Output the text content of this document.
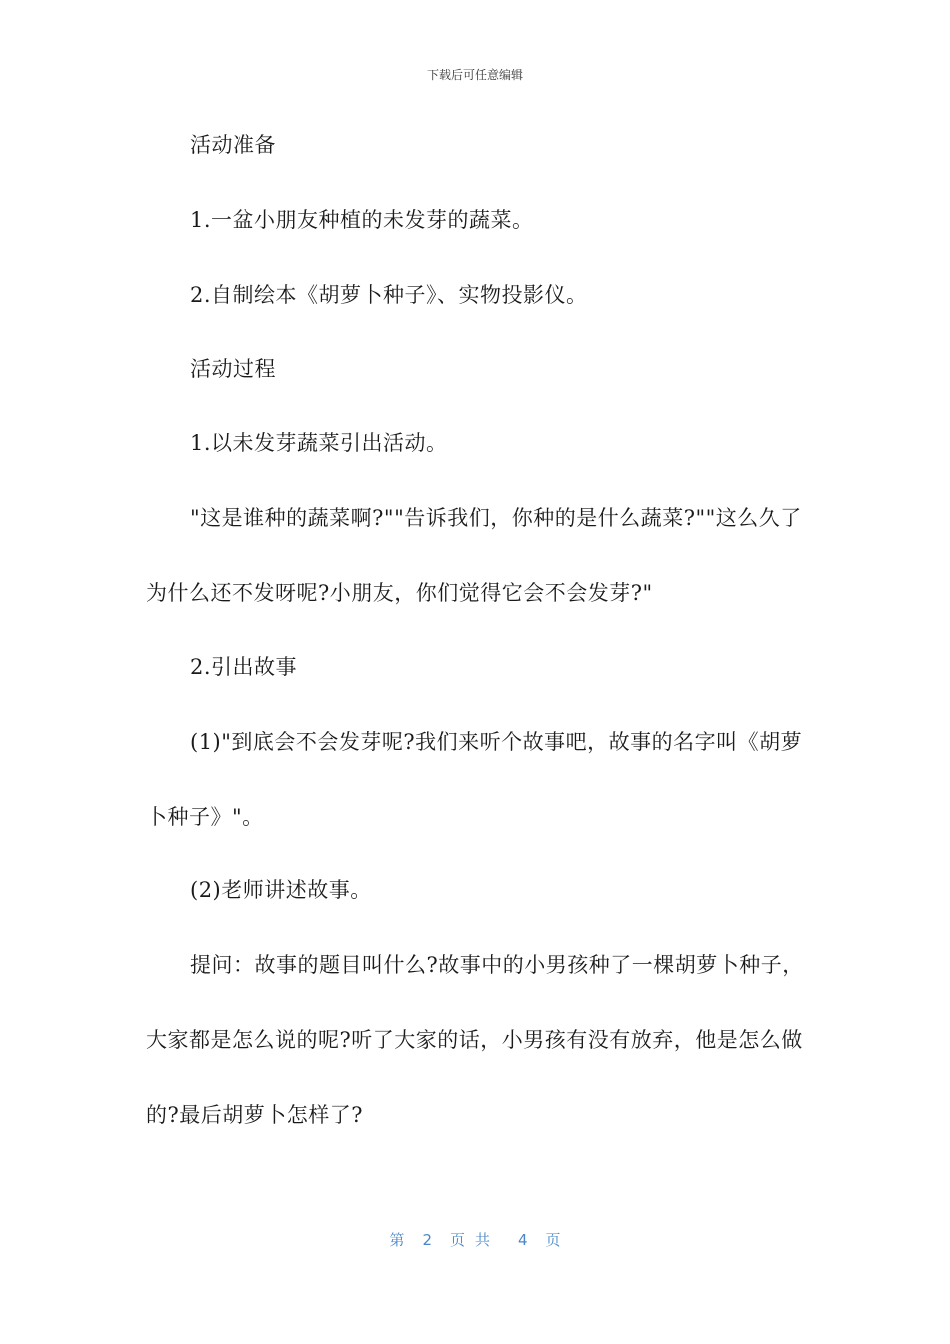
下载后可任意编辑
活动准备
1.一盆小朋友种植的未发芽的蔬菜。
2.自制绘本《胡萝卜种子》、实物投影仪。
活动过程
1.以未发芽蔬菜引出活动。
"这是谁种的蔬菜啊?""告诉我们，你种的是什么蔬菜?""这么久了为什么还不发呀呢?小朋友，你们觉得它会不会发芽?"
2.引出故事
(1)"到底会不会发芽呢?我们来听个故事吧，故事的名字叫《胡萝卜种子》"。
(2)老师讲述故事。
提问：故事的题目叫什么?故事中的小男孩种了一棵胡萝卜种子，大家都是怎么说的呢?听了大家的话，小男孩有没有放弃，他是怎么做的?最后胡萝卜怎样了?
第 2 页共 4 页
